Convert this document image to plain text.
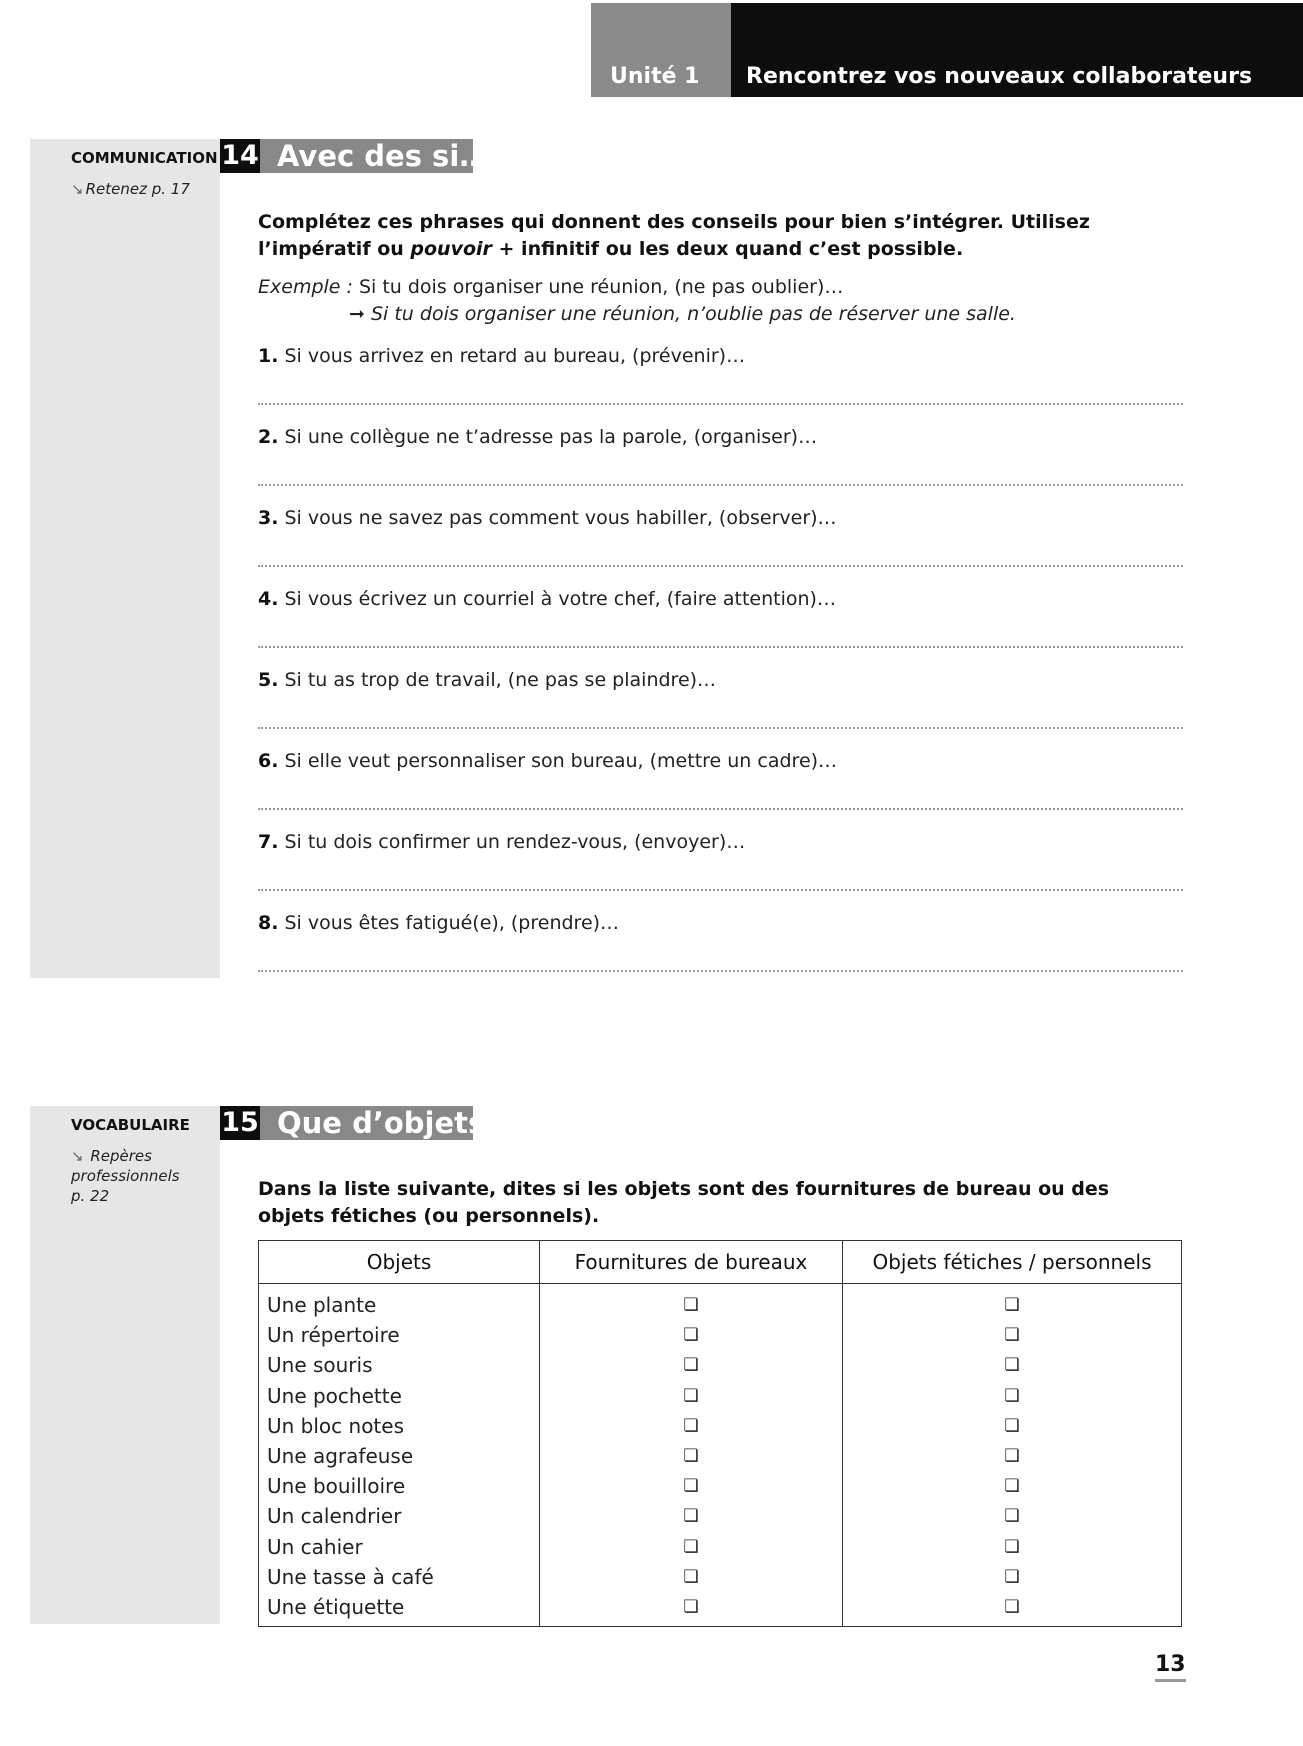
Unité 1 Rencontrez vos nouveaux collaborateurs
COMMUNICATION
↘ Retenez p. 17
14 Avec des si…
Complétez ces phrases qui donnent des conseils pour bien s’intégrer. Utilisez l’impératif ou pouvoir + infinitif ou les deux quand c’est possible.
Exemple : Si tu dois organiser une réunion, (ne pas oublier)…
➞ Si tu dois organiser une réunion, n’oublie pas de réserver une salle.
1. Si vous arrivez en retard au bureau, (prévenir)…
2. Si une collègue ne t’adresse pas la parole, (organiser)…
3. Si vous ne savez pas comment vous habiller, (observer)…
4. Si vous écrivez un courriel à votre chef, (faire attention)…
5. Si tu as trop de travail, (ne pas se plaindre)…
6. Si elle veut personnaliser son bureau, (mettre un cadre)…
7. Si tu dois confirmer un rendez-vous, (envoyer)…
8. Si vous êtes fatigué(e), (prendre)…
VOCABULAIRE
↘ Repères
professionnels
p. 22
15 Que d’objets
Dans la liste suivante, dites si les objets sont des fournitures de bureau ou des objets fétiches (ou personnels).
Objets	Fournitures de bureaux	Objets fétiches / personnels
Une plante	❏	❏
Un répertoire	❏	❏
Une souris	❏	❏
Une pochette	❏	❏
Un bloc notes	❏	❏
Une agrafeuse	❏	❏
Une bouilloire	❏	❏
Un calendrier	❏	❏
Un cahier	❏	❏
Une tasse à café	❏	❏
Une étiquette	❏	❏
13
